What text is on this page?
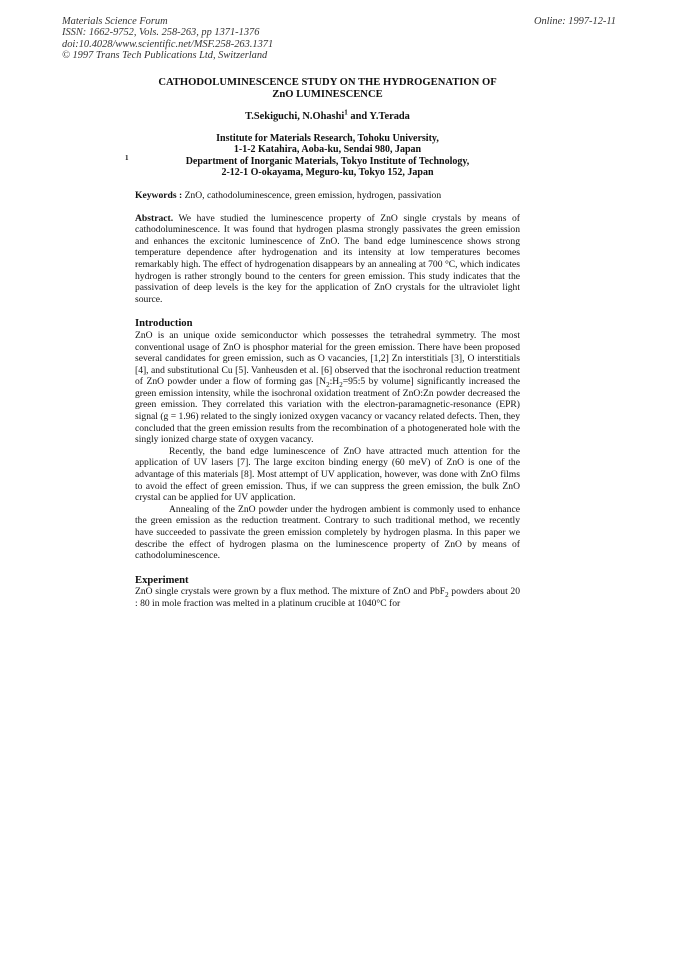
Materials Science Forum
ISSN: 1662-9752, Vols. 258-263, pp 1371-1376
doi:10.4028/www.scientific.net/MSF.258-263.1371
© 1997 Trans Tech Publications Ltd, Switzerland
Online: 1997-12-11
CATHODOLUMINESCENCE STUDY ON THE HYDROGENATION OF
ZnO LUMINESCENCE
T.Sekiguchi, N.Ohashi$^1$ and Y.Terada
Institute for Materials Research, Tohoku University,
1-1-2 Katahira, Aoba-ku, Sendai 980, Japan
1	Department of Inorganic Materials, Tokyo Institute of Technology,
2-12-1 O-okayama, Meguro-ku, Tokyo 152, Japan
Keywords : ZnO, cathodoluminescence, green emission, hydrogen, passivation

Abstract. We have studied the luminescence property of ZnO single crystals by means of cathodoluminescence. It was found that hydrogen plasma strongly passivates the green emission and enhances the excitonic luminescence of ZnO. The band edge luminescence shows strong temperature dependence after hydrogenation and its intensity at low temperatures becomes remarkably high. The effect of hydrogenation disappears by an annealing at 700 °C, which indicates hydrogen is rather strongly bound to the centers for green emission. This study indicates that the passivation of deep levels is the key for the application of ZnO crystals for the ultraviolet light source.

Introduction

ZnO is an unique oxide semiconductor which possesses the tetrahedral symmetry. The most conventional usage of ZnO is phosphor material for the green emission. There have been proposed several candidates for green emission, such as O vacancies, [1,2] Zn interstitials [3], O interstitials [4], and substitutional Cu [5]. Vanheusden et al. [6] observed that the isochronal reduction treatment of ZnO powder under a flow of forming gas [$N_2:H_2=95:5$ by volume] significantly increased the green emission intensity, while the isochronal oxidation treatment of ZnO:Zn powder decreased the green emission. They correlated this variation with the electron-paramagnetic-resonance (EPR) signal (g = 1.96) related to the singly ionized oxygen vacancy or vacancy related defects. Then, they concluded that the green emission results from the recombination of a photogenerated hole with the singly ionized charge state of oxygen vacancy.

Recently, the band edge luminescence of ZnO have attracted much attention for the application of UV lasers [7]. The large exciton binding energy (60 meV) of ZnO is one of the advantage of this materials [8]. Most attempt of UV application, however, was done with ZnO films to avoid the effect of green emission. Thus, if we can suppress the green emission, the bulk ZnO crystal can be applied for UV application.

Annealing of the ZnO powder under the hydrogen ambient is commonly used to enhance the green emission as the reduction treatment. Contrary to such traditional method, we recently have succeeded to passivate the green emission completely by hydrogen plasma. In this paper we describe the effect of hydrogen plasma on the luminescence property of ZnO by means of cathodoluminescence.

Experiment

ZnO single crystals were grown by a flux method. The mixture of ZnO and PbF$_2$ powders about 20 : 80 in mole fraction was melted in a platinum crucible at 1040°C for
